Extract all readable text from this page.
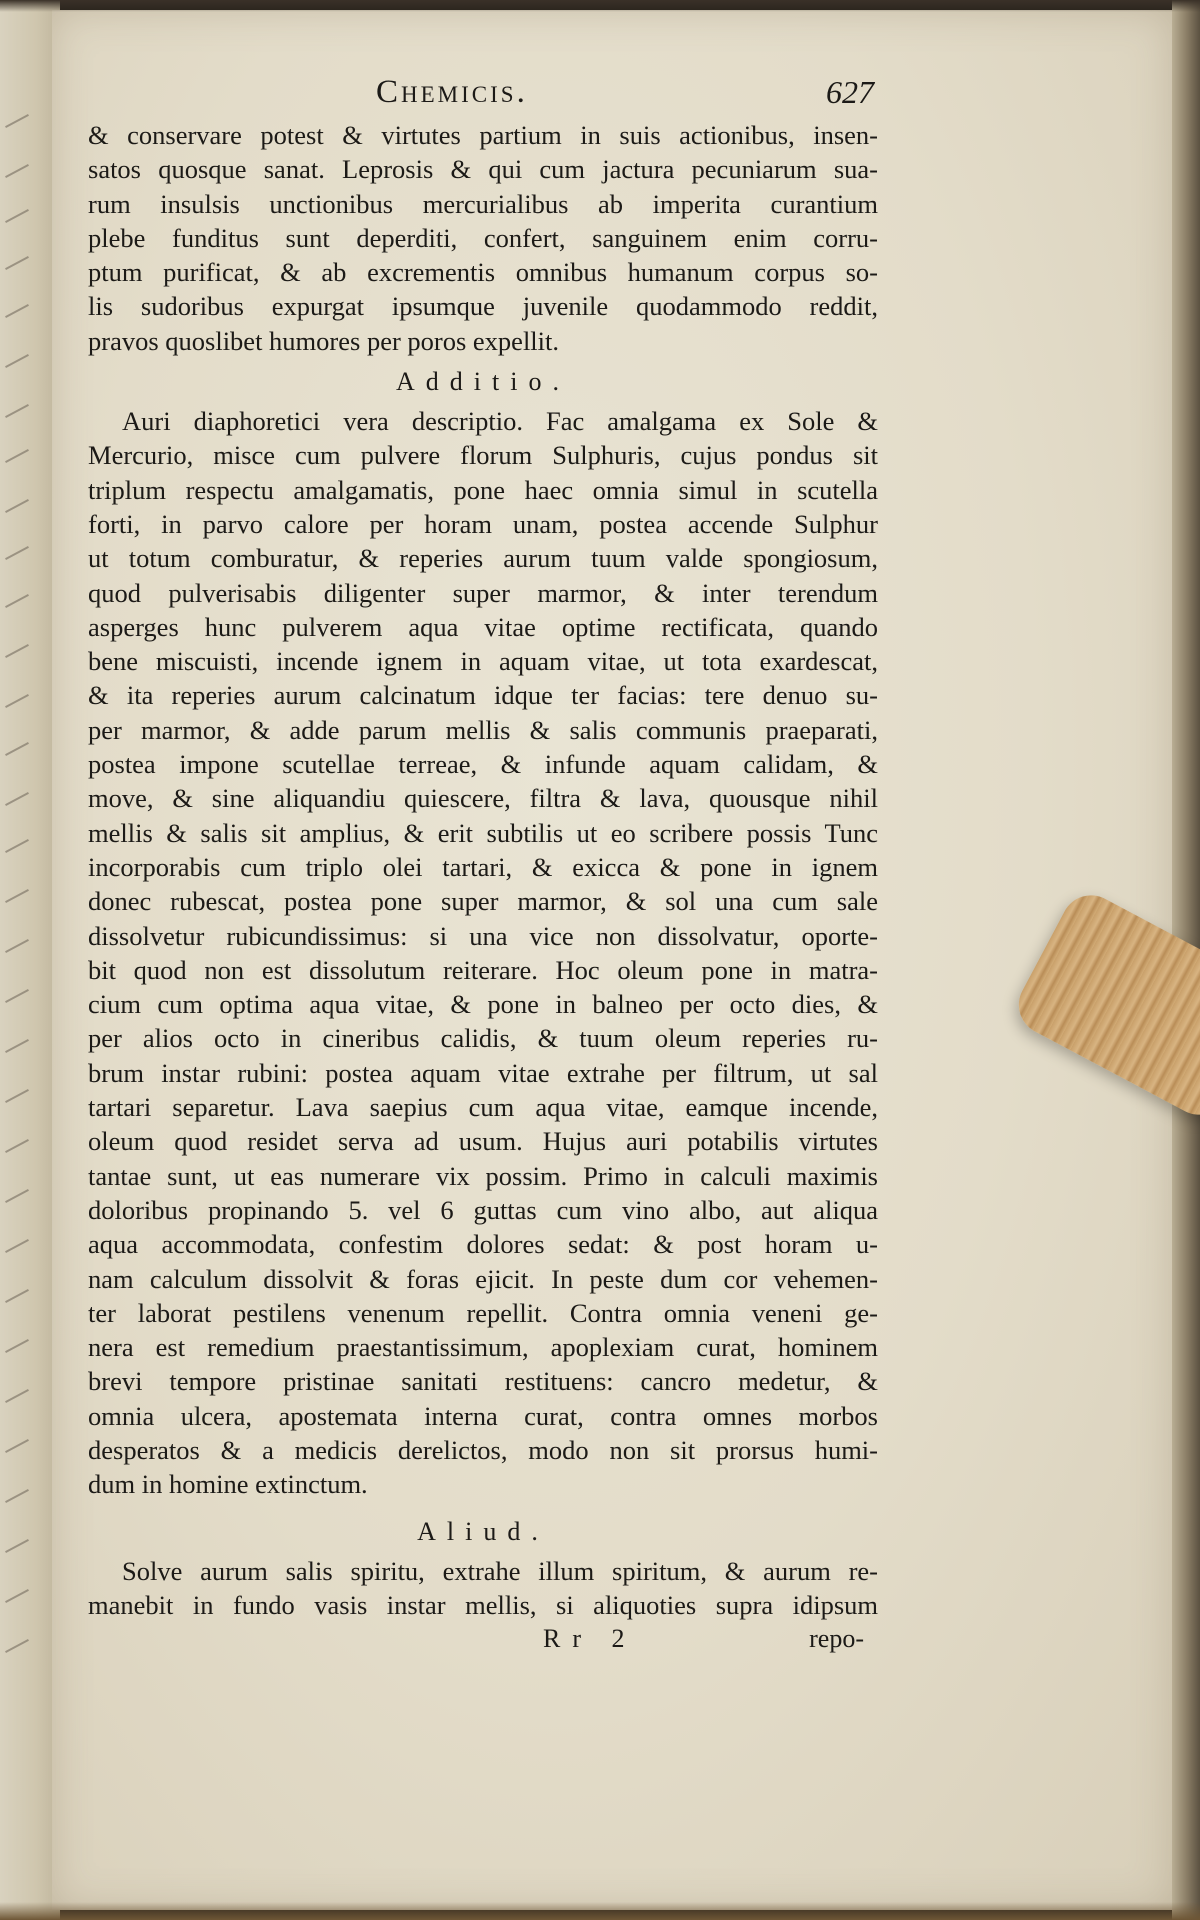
Chemicis.	627
& conservare potest & virtutes partium in suis actionibus, insen-
satos quosque sanat. Leprosis & qui cum jactura pecuniarum sua-
rum insulsis unctionibus mercurialibus ab imperita curantium
plebe funditus sunt deperditi, confert, sanguinem enim corru-
ptum purificat, & ab excrementis omnibus humanum corpus so-
lis sudoribus expurgat ipsumque juvenile quodammodo reddit,
pravos quoslibet humores per poros expellit.
Additio.
Auri diaphoretici vera descriptio. Fac amalgama ex Sole &
Mercurio, misce cum pulvere florum Sulphuris, cujus pondus sit
triplum respectu amalgamatis, pone haec omnia simul in scutella
forti, in parvo calore per horam unam, postea accende Sulphur
ut totum comburatur, & reperies aurum tuum valde spongiosum,
quod pulverisabis diligenter super marmor, & inter terendum
asperges hunc pulverem aqua vitae optime rectificata, quando
bene miscuisti, incende ignem in aquam vitae, ut tota exardescat,
& ita reperies aurum calcinatum idque ter facias: tere denuo su-
per marmor, & adde parum mellis & salis communis praeparati,
postea impone scutellae terreae, & infunde aquam calidam, &
move, & sine aliquandiu quiescere, filtra & lava, quousque nihil
mellis & salis sit amplius, & erit subtilis ut eo scribere possis Tunc
incorporabis cum triplo olei tartari, & exicca & pone in ignem
donec rubescat, postea pone super marmor, & sol una cum sale
dissolvetur rubicundissimus: si una vice non dissolvatur, oporte-
bit quod non est dissolutum reiterare. Hoc oleum pone in matra-
cium cum optima aqua vitae, & pone in balneo per octo dies, &
per alios octo in cineribus calidis, & tuum oleum reperies ru-
brum instar rubini: postea aquam vitae extrahe per filtrum, ut sal
tartari separetur. Lava saepius cum aqua vitae, eamque incende,
oleum quod residet serva ad usum. Hujus auri potabilis virtutes
tantae sunt, ut eas numerare vix possim. Primo in calculi maximis
doloribus propinando 5. vel 6 guttas cum vino albo, aut aliqua
aqua accommodata, confestim dolores sedat: & post horam u-
nam calculum dissolvit & foras ejicit. In peste dum cor vehemen-
ter laborat pestilens venenum repellit. Contra omnia veneni ge-
nera est remedium praestantissimum, apoplexiam curat, hominem
brevi tempore pristinae sanitati restituens: cancro medetur, &
omnia ulcera, apostemata interna curat, contra omnes morbos
desperatos & a medicis derelictos, modo non sit prorsus humi-
dum in homine extinctum.
Aliud.
Solve aurum salis spiritu, extrahe illum spiritum, & aurum re-
manebit in fundo vasis instar mellis, si aliquoties supra idipsum
Rr 2	repo-
